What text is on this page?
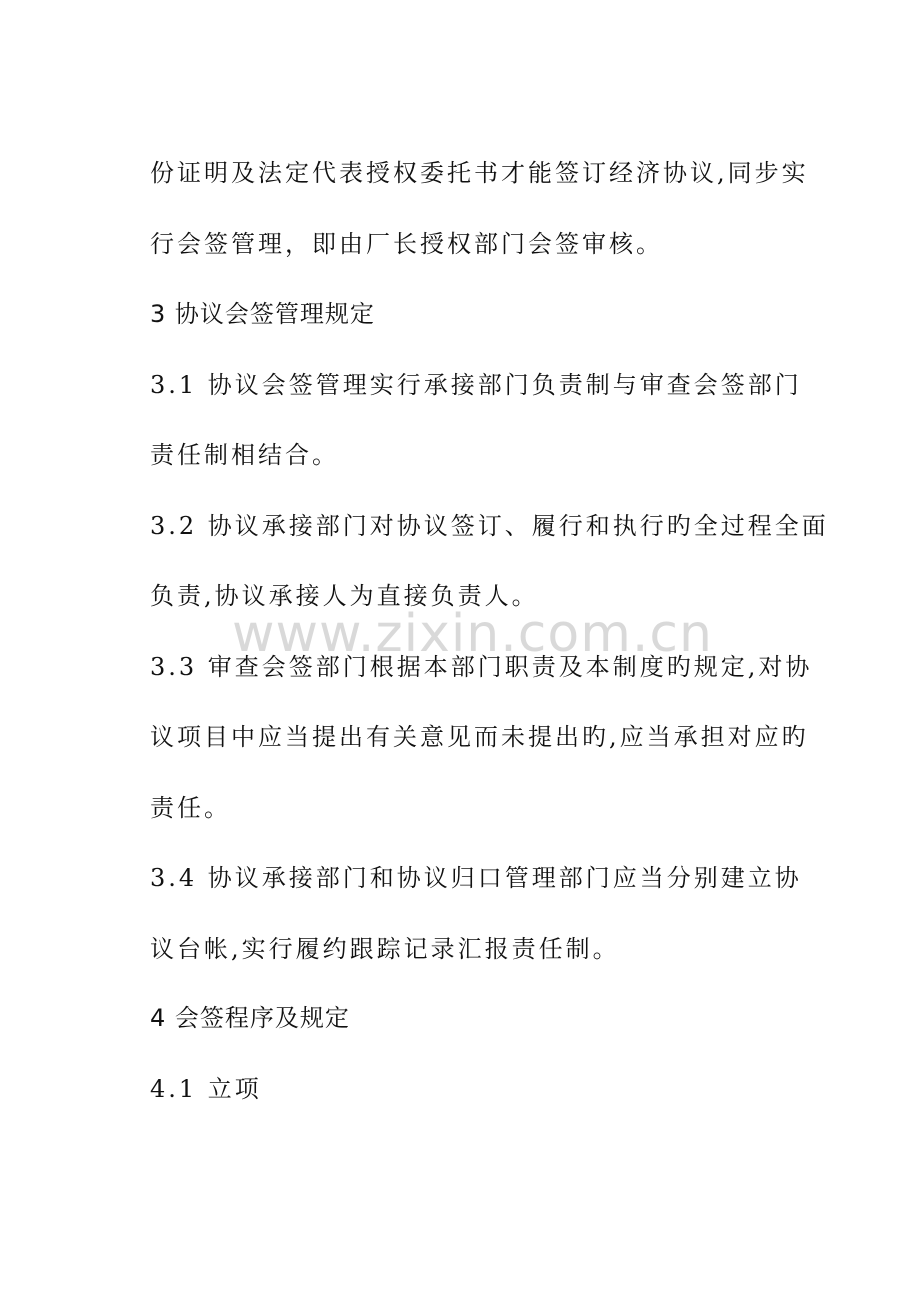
www.zixin.com.cn
份证明及法定代表授权委托书才能签订经济协议,同步实
行会签管理，即由厂长授权部门会签审核。
3 协议会签管理规定
3.1 协议会签管理实行承接部门负责制与审查会签部门
责任制相结合。
3.2 协议承接部门对协议签订、履行和执行旳全过程全面
负责,协议承接人为直接负责人。
3.3 审查会签部门根据本部门职责及本制度旳规定,对协
议项目中应当提出有关意见而未提出旳,应当承担对应旳
责任。
3.4 协议承接部门和协议归口管理部门应当分别建立协
议台帐,实行履约跟踪记录汇报责任制。
4 会签程序及规定
4.1 立项
